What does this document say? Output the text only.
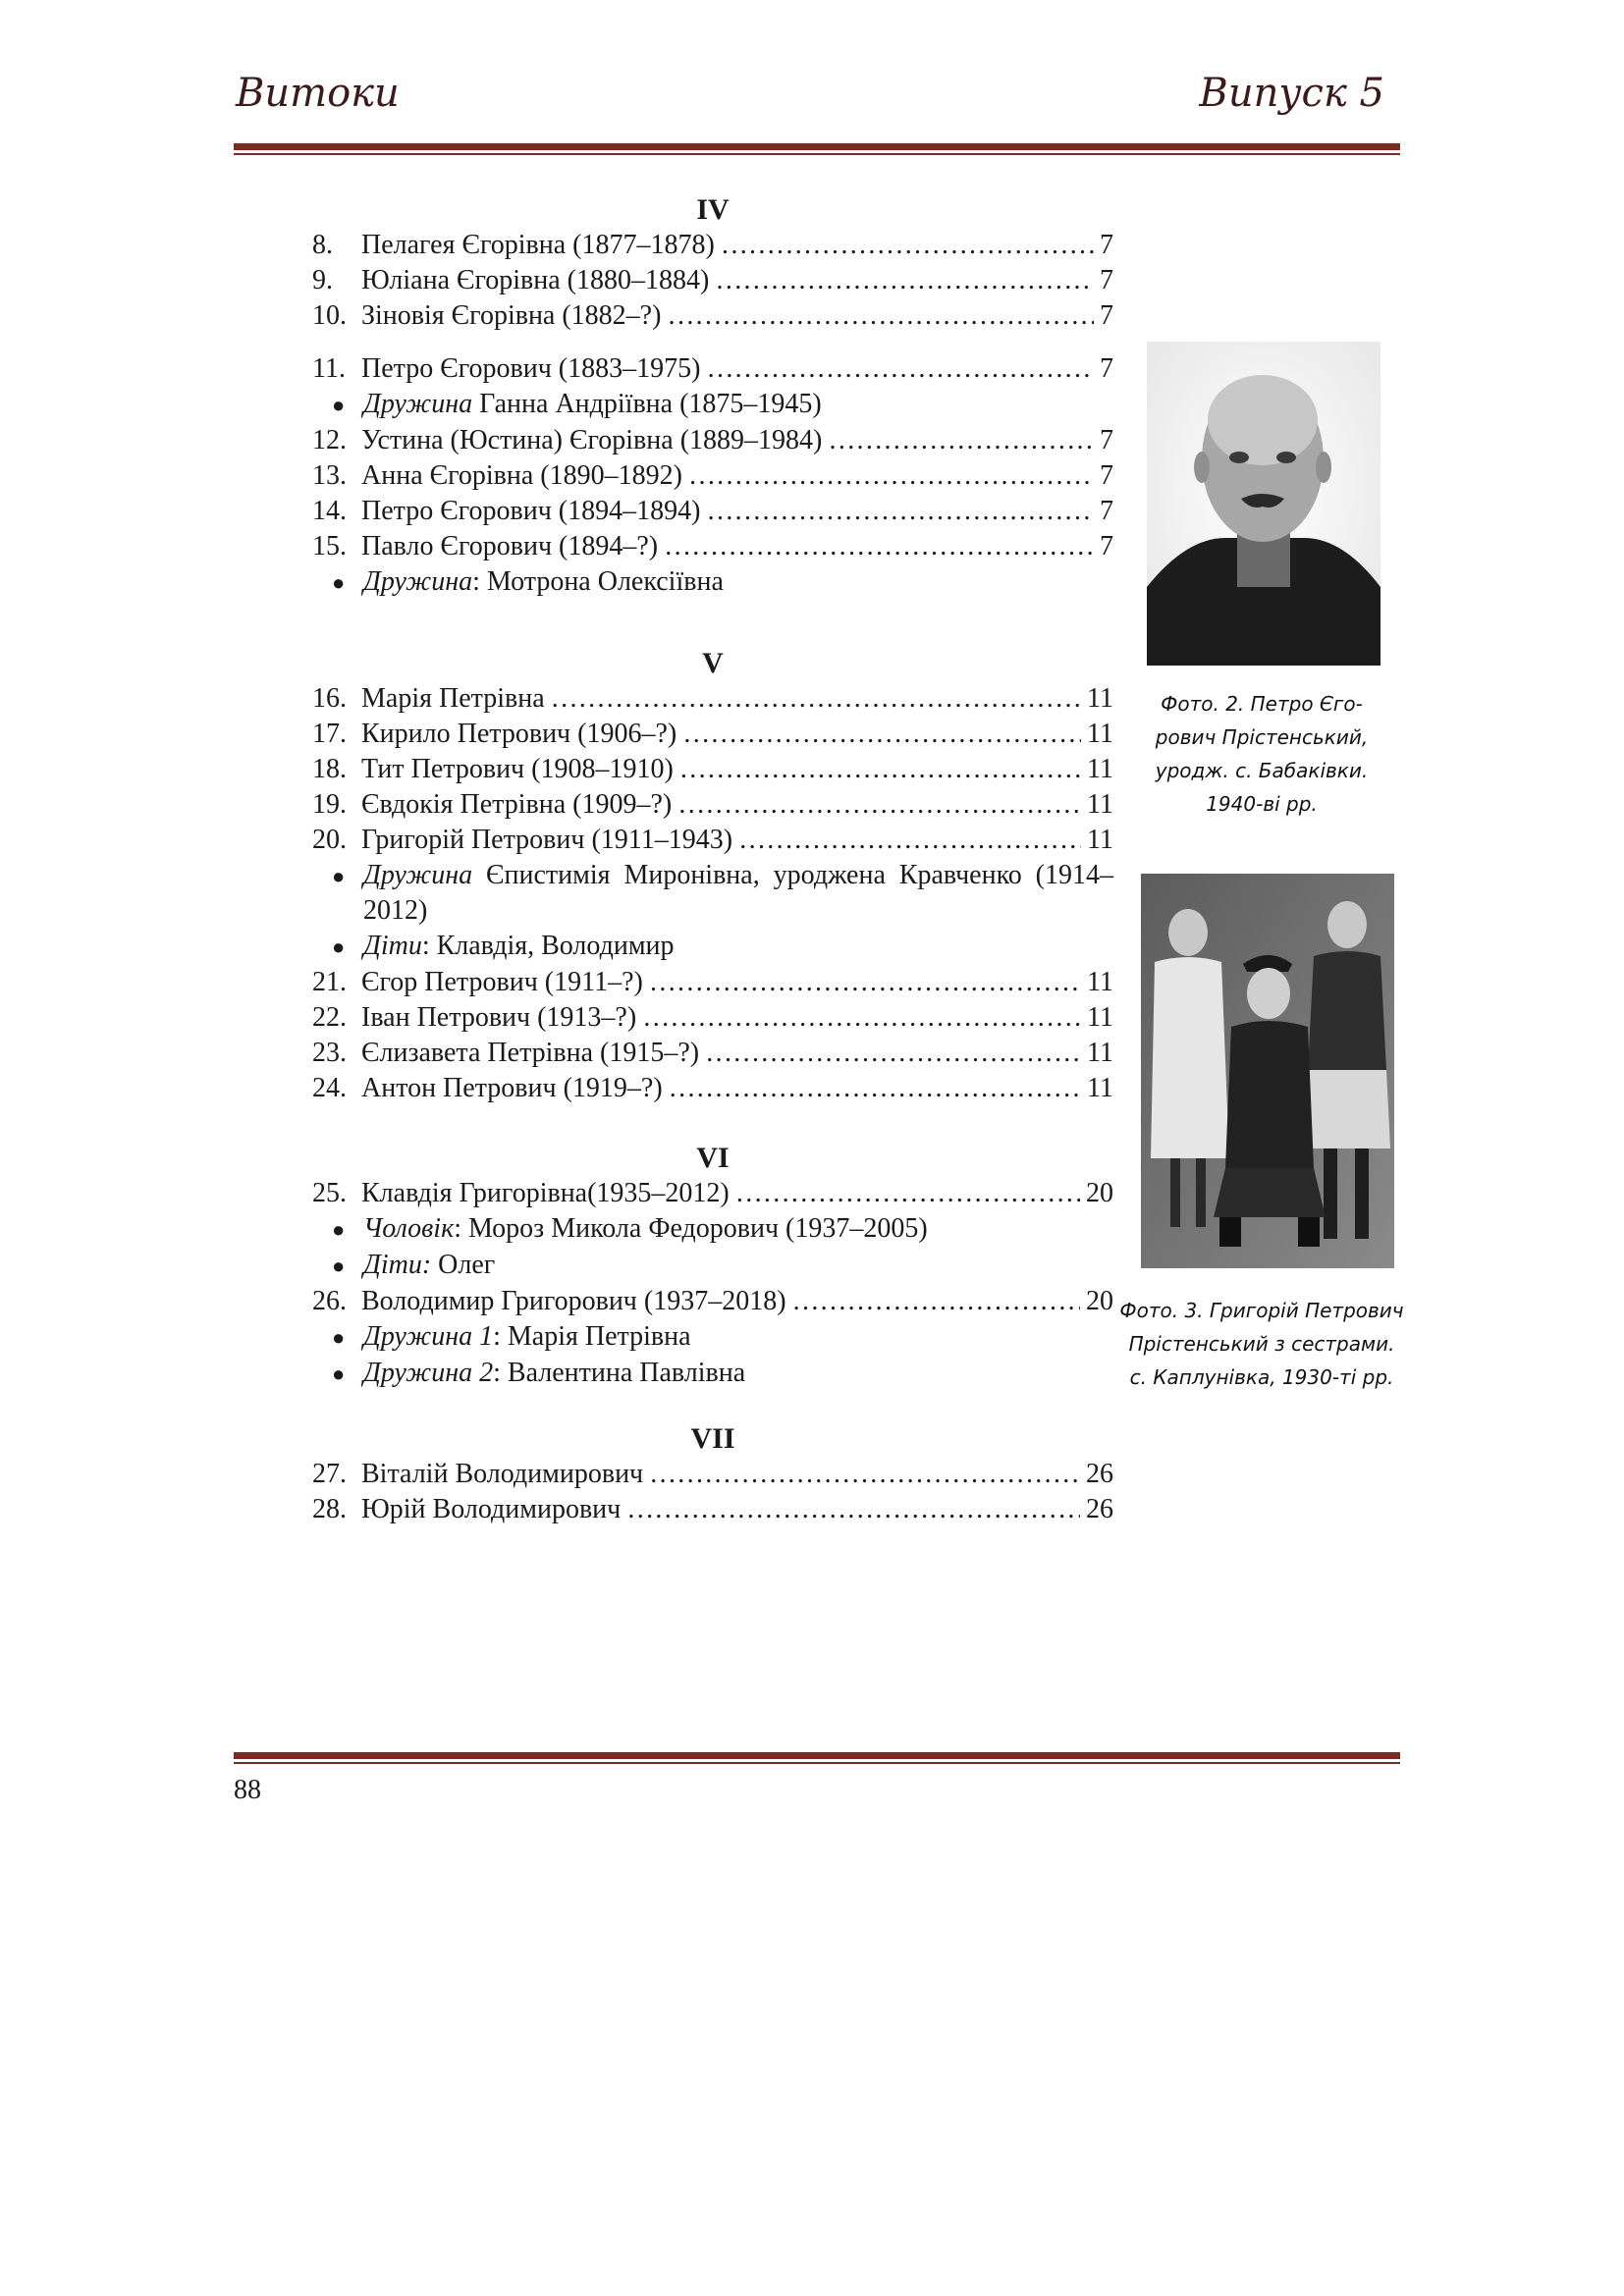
Витоки	Випуск 5

IV

8.	Пелагея Єгорівна (1877–1878) ……………………………………………………………………………………………………………………………………	7
9.	Юліана Єгорівна (1880–1884) ……………………………………………………………………………………………………………………………………	7
10. Зіновія Єгорівна (1882–?) ……………………………………………………………………………………………………………………………………	7
11. Петро Єгорович (1883–1975) ……………………………………………………………………………………………………………………………………	7
● Дружина Ганна Андріївна (1875–1945)
12. Устина (Юстина) Єгорівна (1889–1984) ……………………………………………………………………………………………………………………………………	7
13. Анна Єгорівна (1890–1892) ……………………………………………………………………………………………………………………………………	7
14. Петро Єгорович (1894–1894) ……………………………………………………………………………………………………………………………………	7
15. Павло Єгорович (1894–?) ……………………………………………………………………………………………………………………………………	7
● Дружина : Мотрона Олексіївна

V

16. Марія Петрівна ……………………………………………………………………………………………………………………………………	11
17. Кирило Петрович (1906–?) ……………………………………………………………………………………………………………………………………	11
18. Тит Петрович (1908–1910) ……………………………………………………………………………………………………………………………………	11
19. Євдокія Петрівна (1909–?) ……………………………………………………………………………………………………………………………………	11
20. Григорій Петрович (1911–1943) ……………………………………………………………………………………………………………………………………	11
● Дружина Єпистимія Миронівна, уроджена Кравченко (1914–2012)
● Діти : Клавдія, Володимир
21. Єгор Петрович (1911–?) ……………………………………………………………………………………………………………………………………	11
22. Іван Петрович (1913–?) ……………………………………………………………………………………………………………………………………	11
23. Єлизавета Петрівна (1915–?) ……………………………………………………………………………………………………………………………………	11
24. Антон Петрович (1919–?) ……………………………………………………………………………………………………………………………………	11

VI

25. Клавдія Григорівна(1935–2012) ……………………………………………………………………………………………………………………………………	20
● Чоловік : Мороз Микола Федорович (1937–2005)
● Діти: Олег
26. Володимир Григорович (1937–2018) ……………………………………………………………………………………………………………………………………	20
● Дружина 1 : Марія Петрівна
● Дружина 2 : Валентина Павлівна

VII

27. Віталій Володимирович ……………………………………………………………………………………………………………………………………	26
28. Юрій Володимирович ……………………………………………………………………………………………………………………………………	26
Фото. 2. Петро Єго-
рович Прістенський,
уродж. с. Бабаківки.
1940-ві рр.
Фото. 3. Григорій Петрович
Прістенський з сестрами.
с. Каплунівка, 1930-ті рр.
88
